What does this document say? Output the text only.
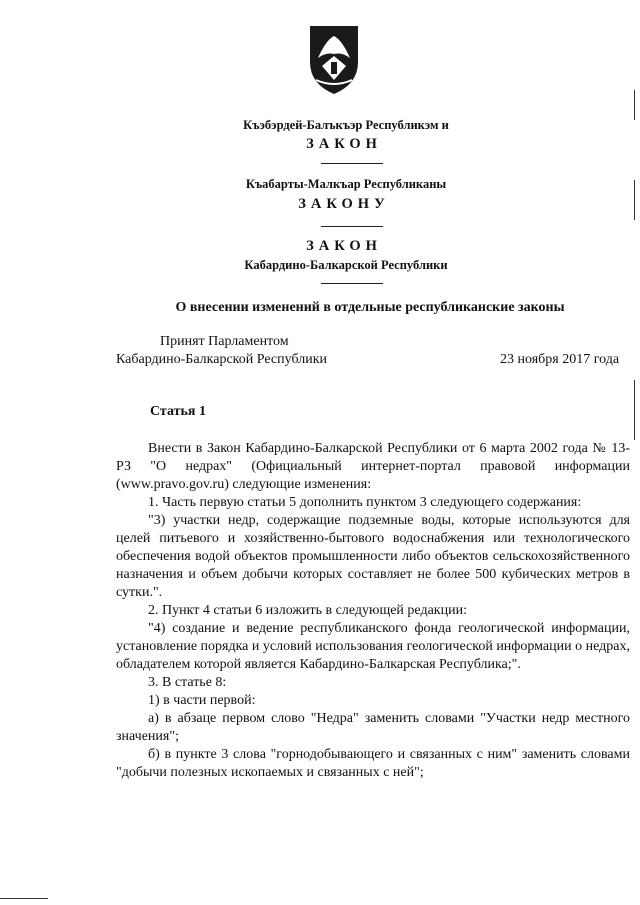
Къэбэрдей-Балъкъэр Республикэм и
ЗАКОН
Къабарты-Малкъар Республиканы
ЗАКОНУ
ЗАКОН
Кабардино-Балкарской Республики
О внесении изменений в отдельные республиканские законы
Принят Парламентом
Кабардино-Балкарской Республики	23 ноября 2017 года
Статья 1

Внести в Закон Кабардино-Балкарской Республики от 6 марта 2002 года № 13-РЗ "О недрах" (Официальный интернет-портал правовой информации (www.pravo.gov.ru) следующие изменения:

1. Часть первую статьи 5 дополнить пунктом 3 следующего содержания:

"3) участки недр, содержащие подземные воды, которые используются для целей питьевого и хозяйственно-бытового водоснабжения или технологического обеспечения водой объектов промышленности либо объектов сельскохозяйственного назначения и объем добычи которых составляет не более 500 кубических метров в сутки.".

2. Пункт 4 статьи 6 изложить в следующей редакции:

"4) создание и ведение республиканского фонда геологической информации, установление порядка и условий использования геологической информации о недрах, обладателем которой является Кабардино-Балкарская Республика;".

3. В статье 8:

1) в части первой:

а) в абзаце первом слово "Недра" заменить словами "Участки недр местного значения";

б) в пункте 3 слова "горнодобывающего и связанных с ним" заменить словами "добычи полезных ископаемых и связанных с ней";
